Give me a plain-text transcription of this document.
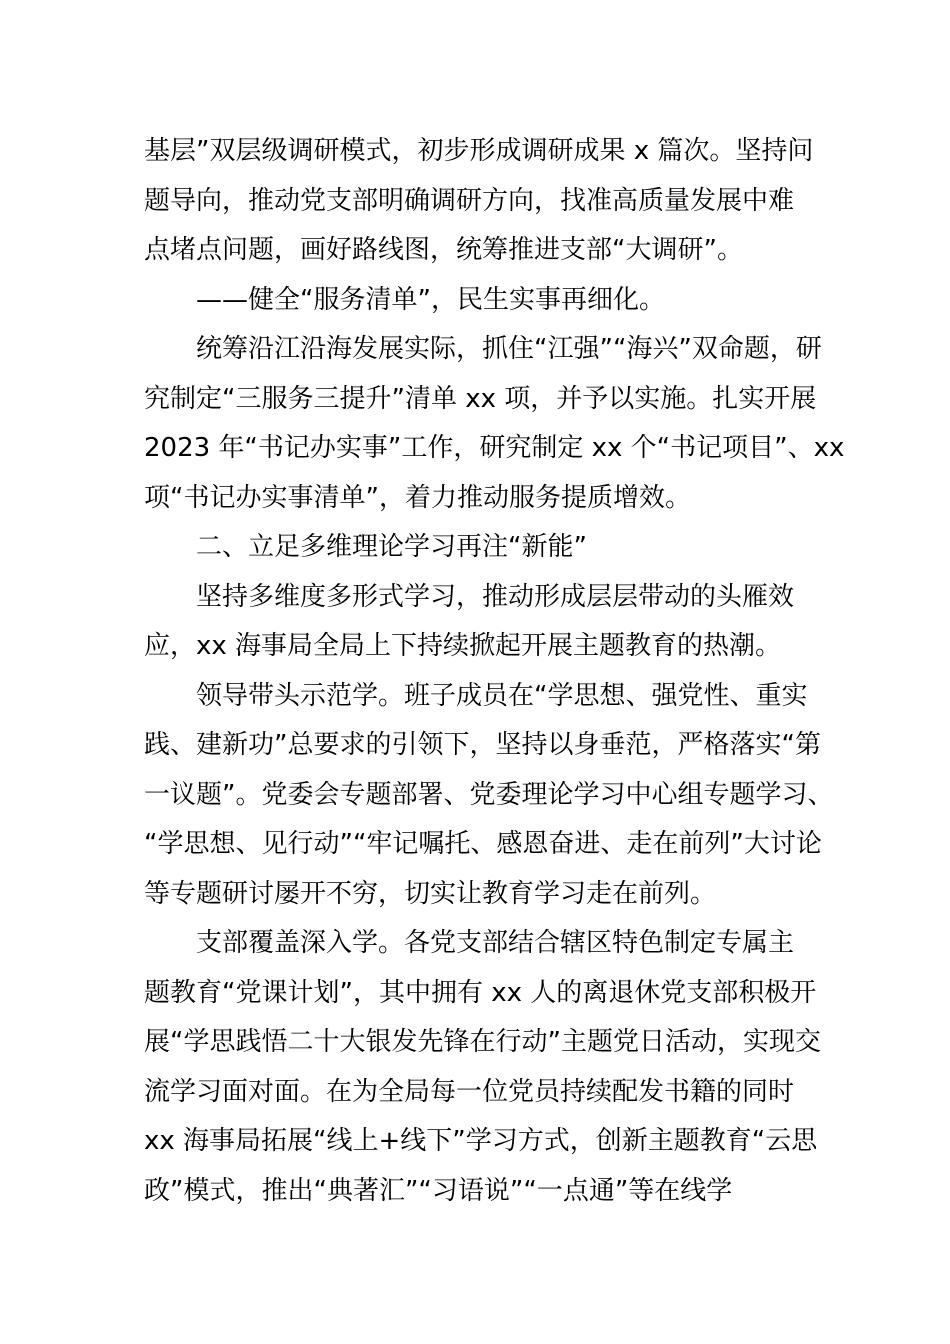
基层”双层级调研模式，初步形成调研成果 x 篇次。坚持问
题导向，推动党支部明确调研方向，找准高质量发展中难
点堵点问题，画好路线图，统筹推进支部“大调研”。
——健全“服务清单”，民生实事再细化。
统筹沿江沿海发展实际，抓住“江强”“海兴”双命题，研
究制定“三服务三提升”清单 xx 项，并予以实施。扎实开展
2023 年“书记办实事”工作，研究制定 xx 个“书记项目”、xx
项“书记办实事清单”，着力推动服务提质增效。
二、立足多维理论学习再注“新能”
坚持多维度多形式学习，推动形成层层带动的头雁效
应，xx 海事局全局上下持续掀起开展主题教育的热潮。
领导带头示范学。班子成员在“学思想、强党性、重实
践、建新功”总要求的引领下，坚持以身垂范，严格落实“第
一议题”。党委会专题部署、党委理论学习中心组专题学习、
“学思想、见行动”“牢记嘱托、感恩奋进、走在前列”大讨论
等专题研讨屡开不穷，切实让教育学习走在前列。
支部覆盖深入学。各党支部结合辖区特色制定专属主
题教育“党课计划”，其中拥有 xx 人的离退休党支部积极开
展“学思践悟二十大银发先锋在行动”主题党日活动，实现交
流学习面对面。在为全局每一位党员持续配发书籍的同时
xx 海事局拓展“线上+线下”学习方式，创新主题教育“云思
政”模式，推出“典著汇”“习语说”“一点通”等在线学
